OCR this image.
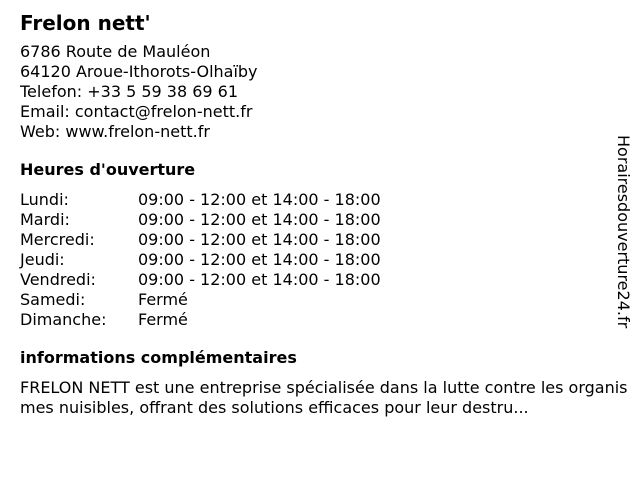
Frelon nett'
6786 Route de Mauléon
64120 Aroue-Ithorots-Olhaïby
Telefon: +33 5 59 38 69 61
Email: contact@frelon-nett.fr
Web: www.frelon-nett.fr
Heures d'ouverture
Lundi:	09:00 - 12:00 et 14:00 - 18:00
Mardi:	09:00 - 12:00 et 14:00 - 18:00
Mercredi:	09:00 - 12:00 et 14:00 - 18:00
Jeudi:	09:00 - 12:00 et 14:00 - 18:00
Vendredi:	09:00 - 12:00 et 14:00 - 18:00
Samedi:	Fermé
Dimanche:	Fermé
informations complémentaires
FRELON NETT est une entreprise spécialisée dans la lutte contre les organismes nuisibles, offrant des solutions efficaces pour leur destru...
Horairesdouverture24.fr
